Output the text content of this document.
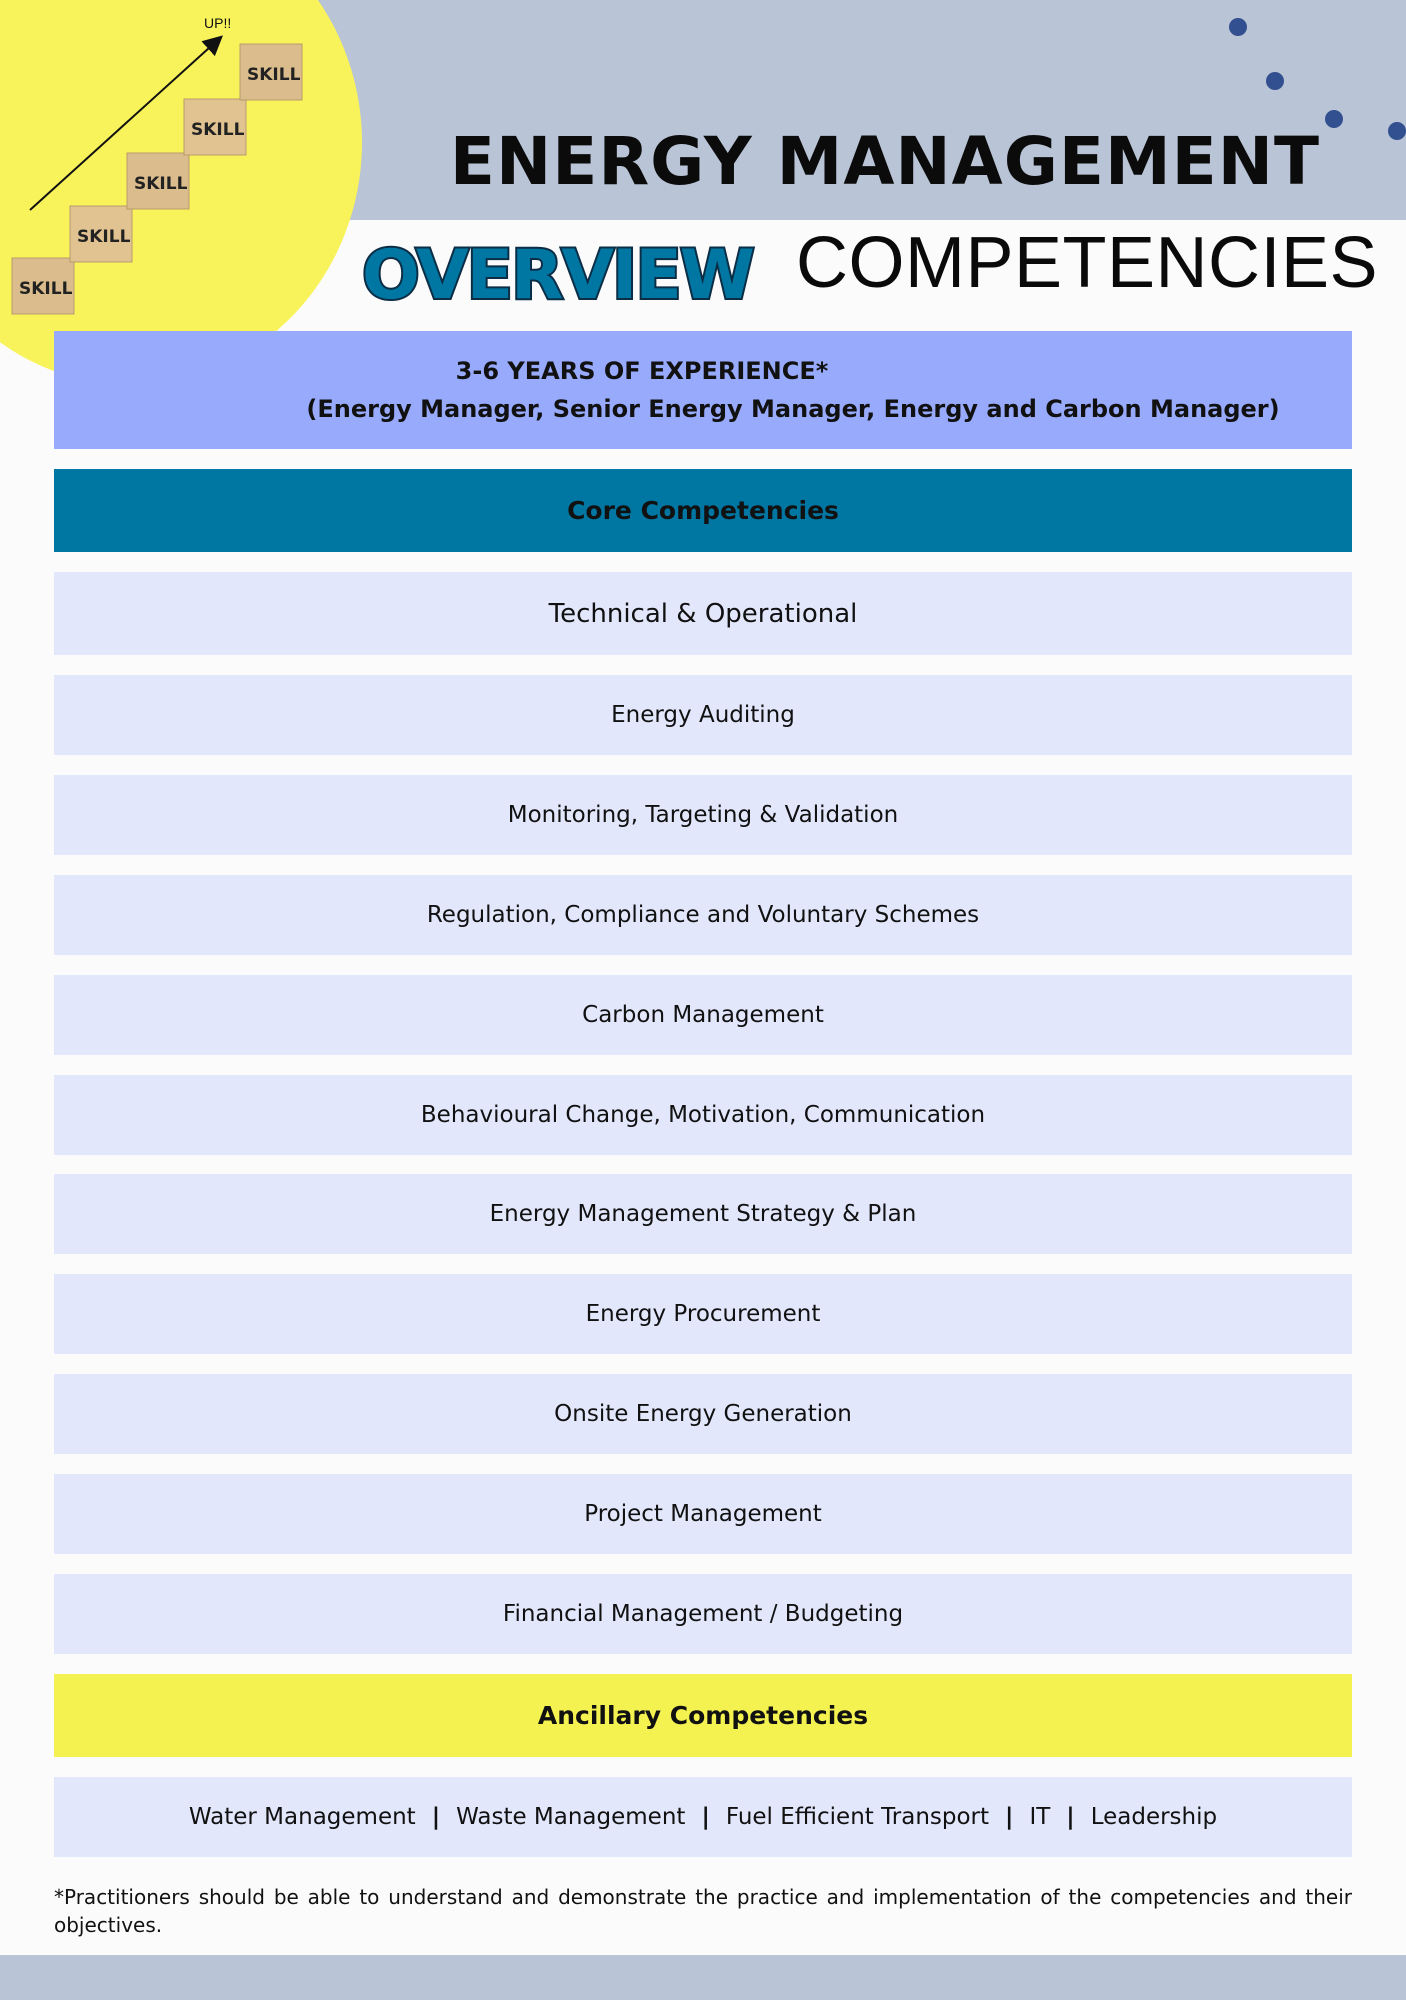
UP!!
SKILL
SKILL
SKILL
SKILL
SKILL
ENERGY MANAGEMENT
OVERVIEW COMPETENCIES
3-6 YEARS OF EXPERIENCE*
(Energy Manager, Senior Energy Manager, Energy and Carbon Manager)
Core Competencies
Technical & Operational
Energy Auditing
Monitoring, Targeting & Validation
Regulation, Compliance and Voluntary Schemes
Carbon Management
Behavioural Change, Motivation, Communication
Energy Management Strategy & Plan
Energy Procurement
Onsite Energy Generation
Project Management
Financial Management / Budgeting
Ancillary Competencies
Water Management | Waste Management | Fuel Efficient Transport | IT | Leadership

*Practitioners should be able to understand and demonstrate the practice and implementation of the competencies and their objectives.
